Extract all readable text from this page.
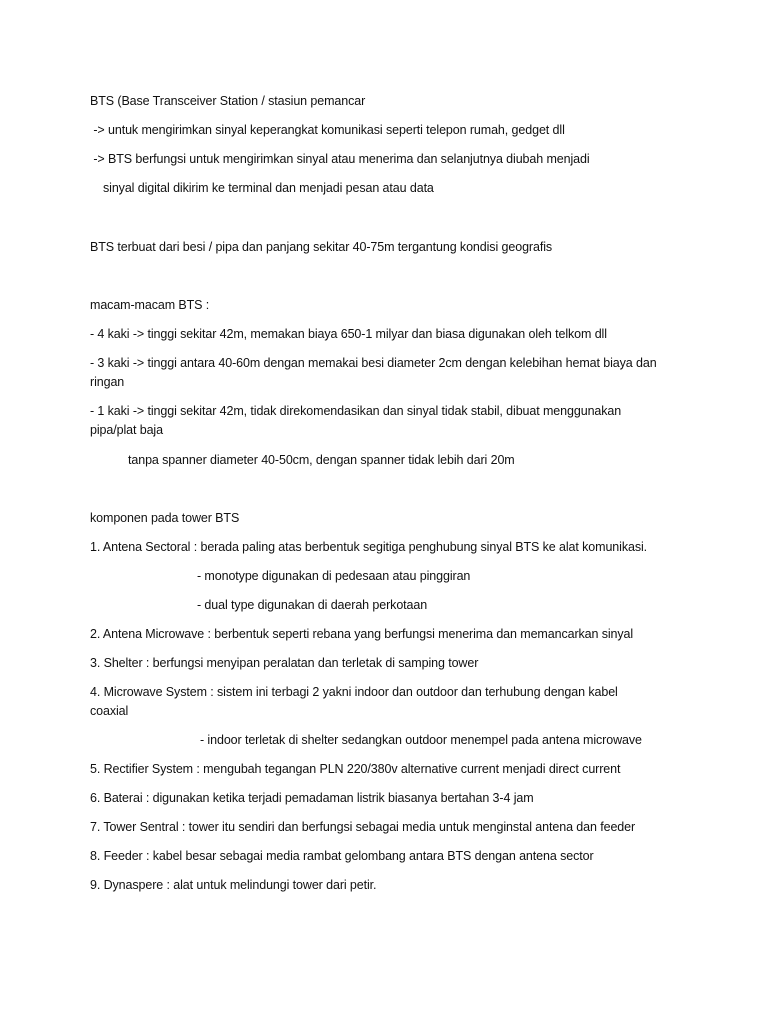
BTS (Base Transceiver Station / stasiun pemancar

-> untuk mengirimkan sinyal keperangkat komunikasi seperti telepon rumah, gedget dll

-> BTS berfungsi untuk mengirimkan sinyal atau menerima dan selanjutnya diubah menjadi

sinyal digital dikirim ke terminal dan menjadi pesan atau data

BTS terbuat dari besi / pipa dan panjang sekitar 40-75m tergantung kondisi geografis

macam-macam BTS :

- 4 kaki -> tinggi sekitar 42m, memakan biaya 650-1 milyar dan biasa digunakan oleh telkom dll

- 3 kaki -> tinggi antara 40-60m dengan memakai besi diameter 2cm dengan kelebihan hemat biaya dan
ringan
- 1 kaki -> tinggi sekitar 42m, tidak direkomendasikan dan sinyal tidak stabil, dibuat menggunakan
pipa/plat baja

tanpa spanner diameter 40-50cm, dengan spanner tidak lebih dari 20m

komponen pada tower BTS

1. Antena Sectoral : berada paling atas berbentuk segitiga penghubung sinyal BTS ke alat komunikasi.

- monotype digunakan di pedesaan atau pinggiran

- dual type digunakan di daerah perkotaan

2. Antena Microwave : berbentuk seperti rebana yang berfungsi menerima dan memancarkan sinyal

3. Shelter : berfungsi menyipan peralatan dan terletak di samping tower

4. Microwave System : sistem ini terbagi 2 yakni indoor dan outdoor dan terhubung dengan kabel
coaxial

- indoor terletak di shelter sedangkan outdoor menempel pada antena microwave

5. Rectifier System : mengubah tegangan PLN 220/380v alternative current menjadi direct current

6. Baterai : digunakan ketika terjadi pemadaman listrik biasanya bertahan 3-4 jam

7. Tower Sentral : tower itu sendiri dan berfungsi sebagai media untuk menginstal antena dan feeder

8. Feeder : kabel besar sebagai media rambat gelombang antara BTS dengan antena sector

9. Dynaspere : alat untuk melindungi tower dari petir.
